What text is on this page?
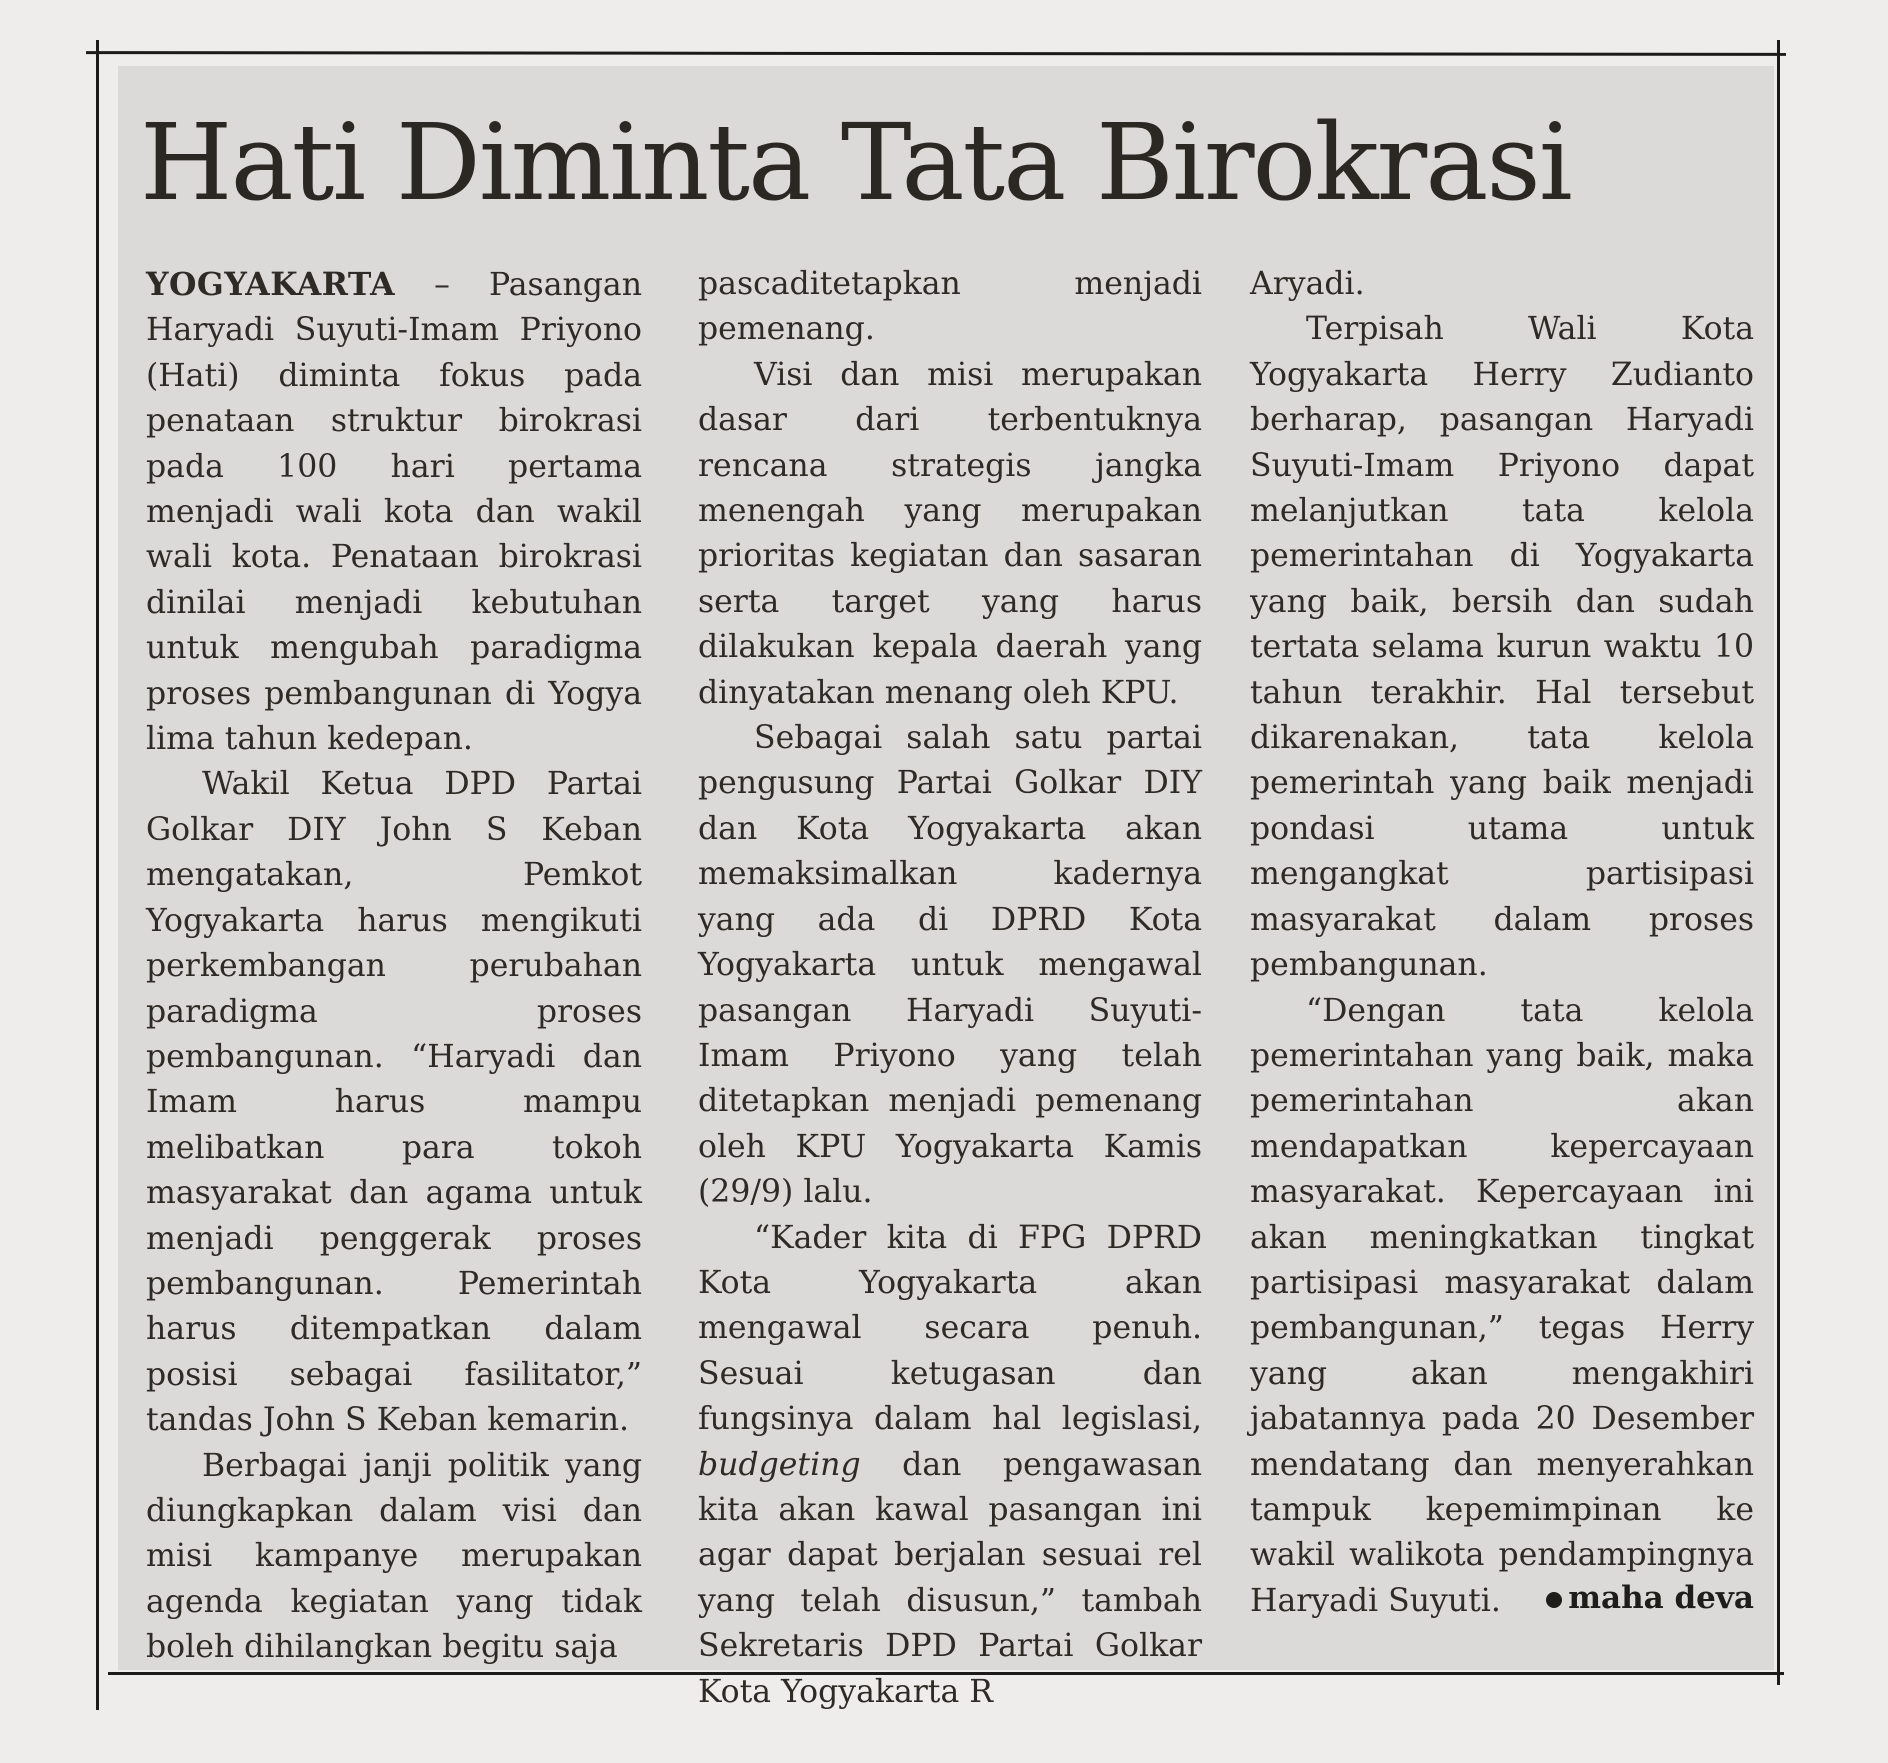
Hati Diminta Tata Birokrasi

YOGYAKARTA – Pasangan Haryadi Suyuti-Imam Priyono (Hati) diminta fokus pada penataan struktur birokrasi pada 100 hari pertama menjadi wali kota dan wakil wali kota. Penataan birokrasi dinilai menjadi kebutuhan untuk mengubah paradigma proses pembangunan di Yogya lima tahun kedepan.

Wakil Ketua DPD Partai Golkar DIY John S Keban mengatakan, Pemkot Yogyakarta harus mengikuti perkembangan perubahan paradigma proses pembangunan. “Haryadi dan Imam harus mampu melibatkan para tokoh masyarakat dan agama untuk menjadi penggerak proses pembangunan. Pemerintah harus ditempatkan dalam posisi sebagai fasilitator,” tandas John S Keban kemarin.

Berbagai janji politik yang diungkapkan dalam visi dan misi kampanye merupakan agenda kegiatan yang tidak boleh dihilangkan begitu saja

pascaditetapkan menjadi pemenang.

Visi dan misi merupakan dasar dari terbentuknya rencana strategis jangka menengah yang merupakan prioritas kegiatan dan sasaran serta target yang harus dilakukan kepala daerah yang dinyatakan menang oleh KPU.

Sebagai salah satu partai pengusung Partai Golkar DIY dan Kota Yogyakarta akan memaksimalkan kadernya yang ada di DPRD Kota Yogyakarta untuk mengawal pasangan Haryadi Suyuti-Imam Priyono yang telah ditetapkan menjadi pemenang oleh KPU Yogyakarta Kamis (29/9) lalu.

“Kader kita di FPG DPRD Kota Yogyakarta akan mengawal secara penuh. Sesuai ketugasan dan fungsinya dalam hal legislasi, budgeting dan pengawasan kita akan kawal pasangan ini agar dapat berjalan sesuai rel yang telah disusun,” tambah Sekretaris DPD Partai Golkar Kota Yogyakarta R

Aryadi.

Terpisah Wali Kota Yogyakarta Herry Zudianto berharap, pasangan Haryadi Suyuti-Imam Priyono dapat melanjutkan tata kelola pemerintahan di Yogyakarta yang baik, bersih dan sudah tertata selama kurun waktu 10 tahun terakhir. Hal tersebut dikarenakan, tata kelola pemerintah yang baik menjadi pondasi utama untuk mengangkat partisipasi masyarakat dalam proses pembangunan.

“Dengan tata kelola pemerintahan yang baik, maka pemerintahan akan mendapatkan kepercayaan masyarakat. Kepercayaan ini akan meningkatkan tingkat partisipasi masyarakat dalam pembangunan,” tegas Herry yang akan mengakhiri jabatannya pada 20 Desember mendatang dan menyerahkan tampuk kepemimpinan ke wakil walikota pendampingnya Haryadi Suyuti.	maha deva
